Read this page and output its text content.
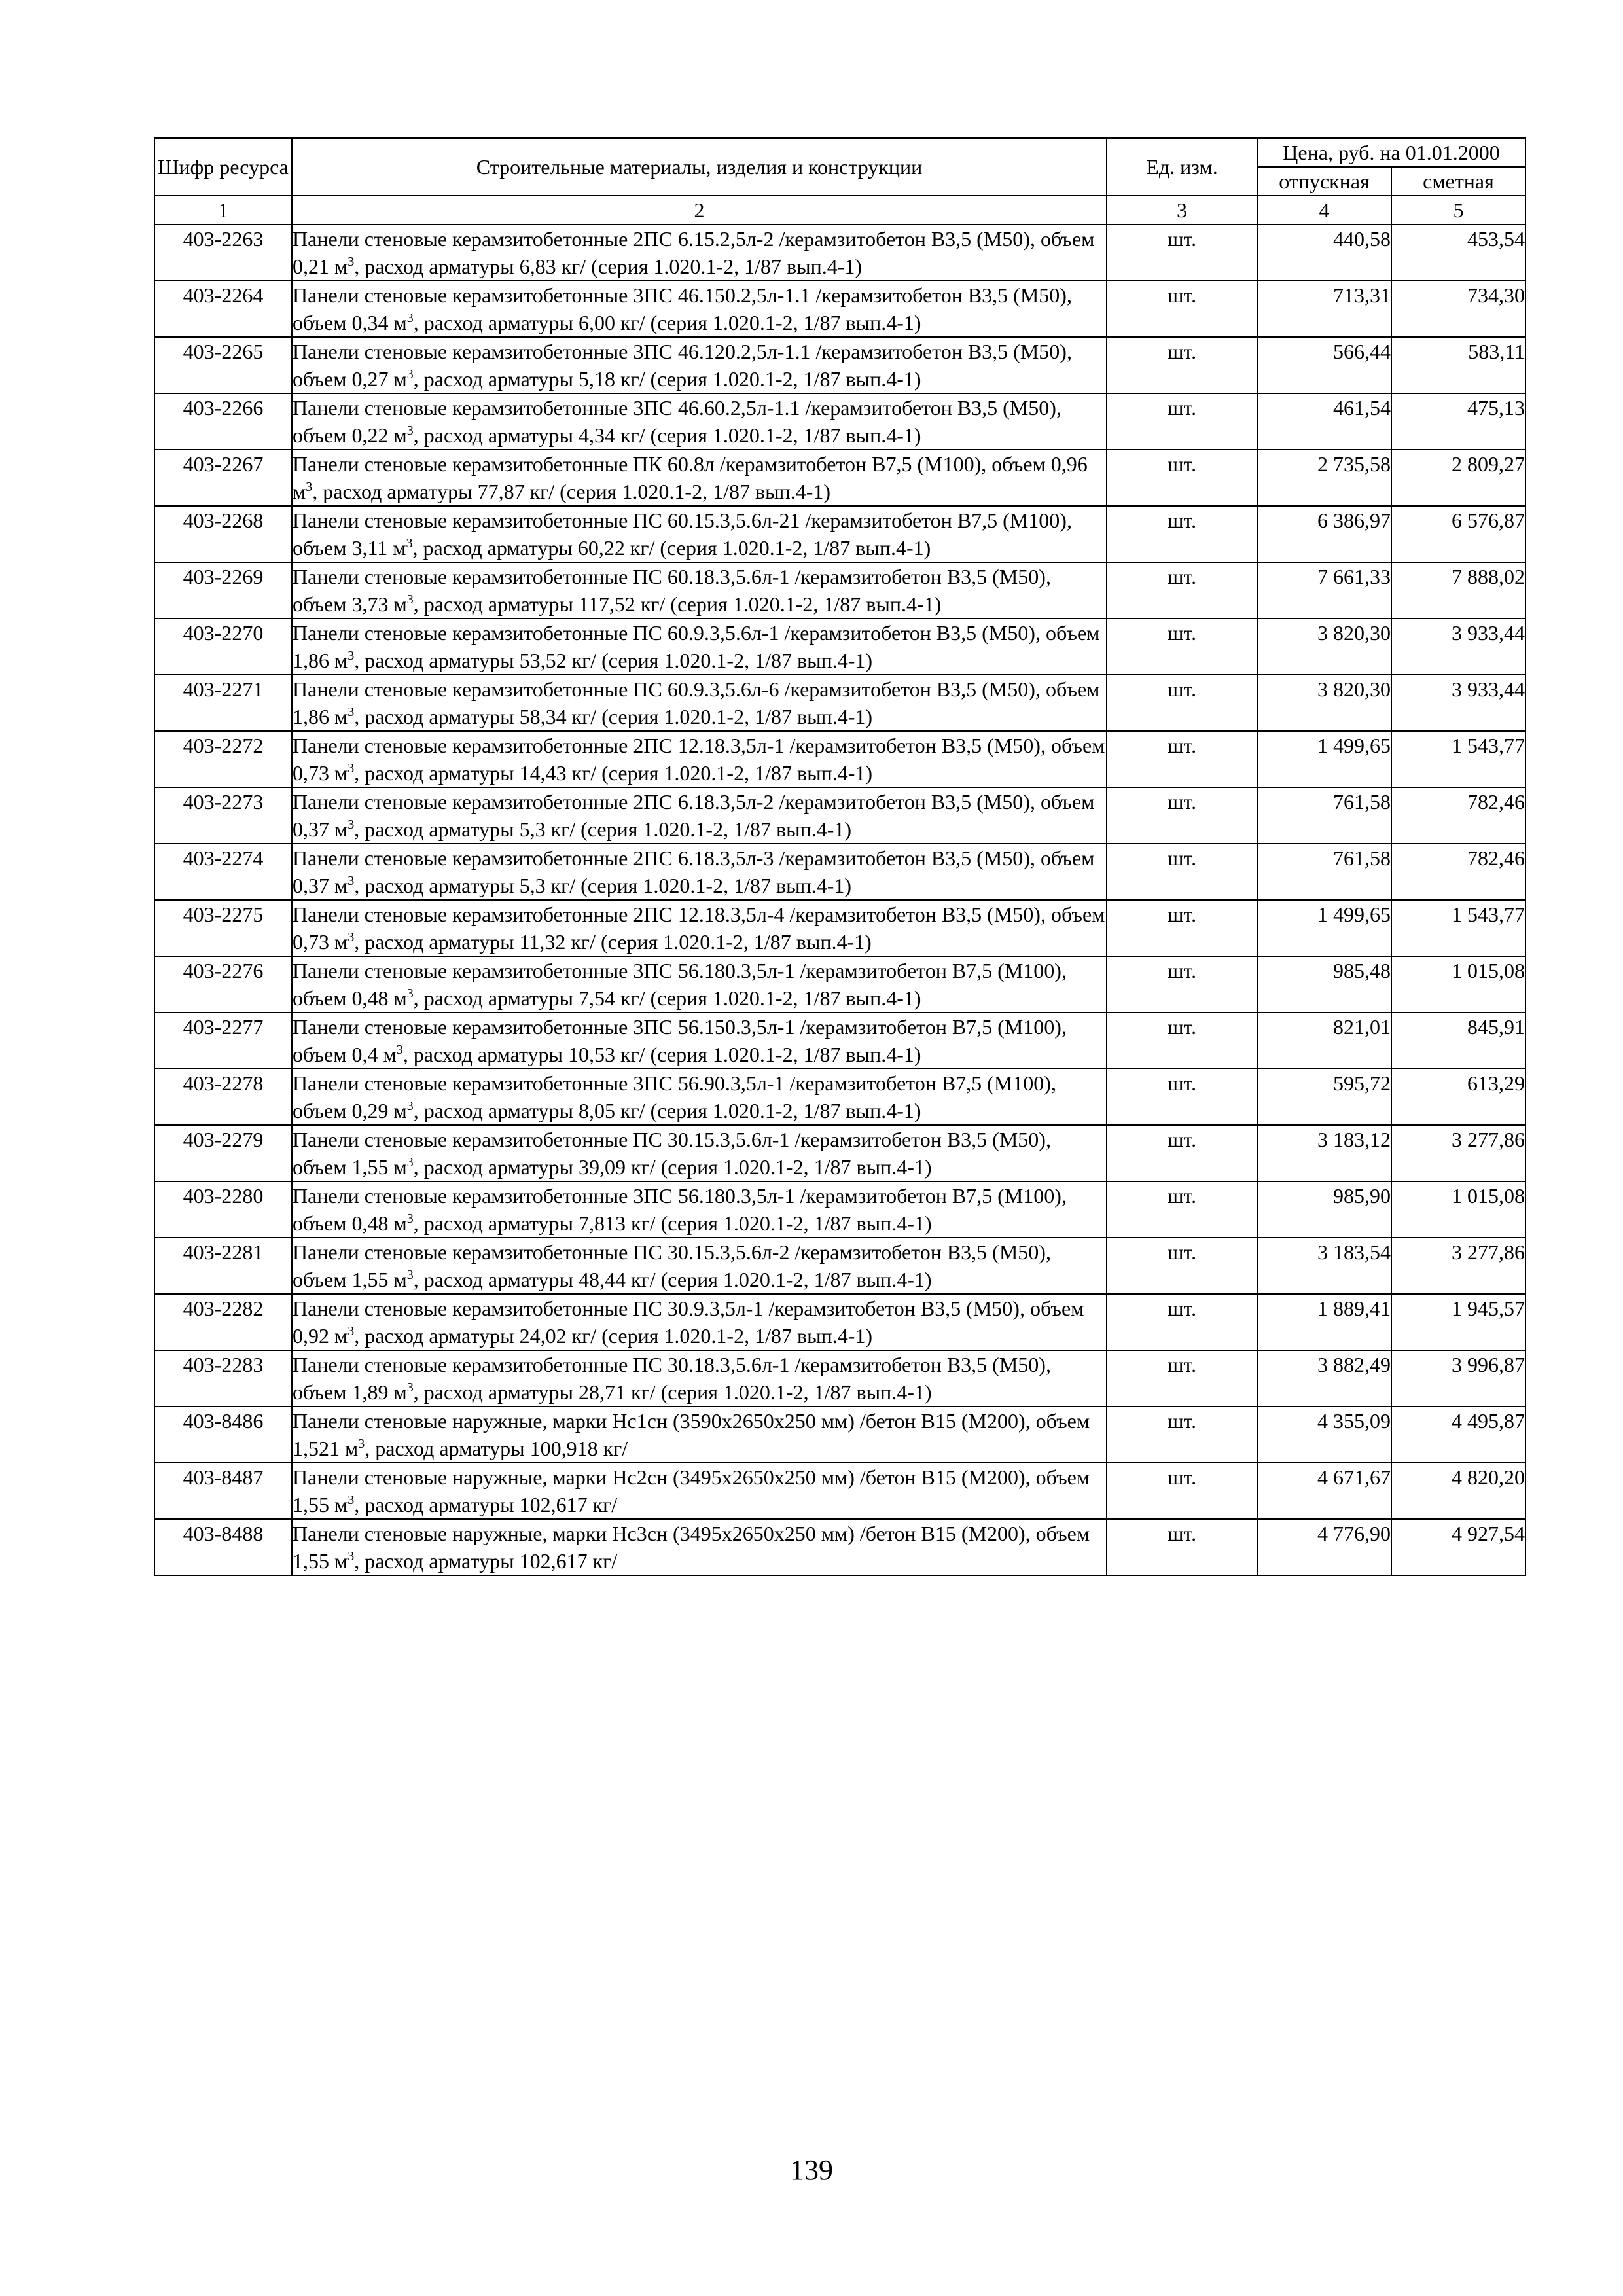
Шифр ресурса	Строительные материалы, изделия и конструкции	Ед. изм.	Цена, руб. на 01.01.2000	
			отпускная	сметная
1	2	3	4	5
403-2263	Панели стеновые керамзитобетонные 2ПС 6.15.2,5л-2 /керамзитобетон В3,5 (М50), объем 0,21 $м^3$, расход арматуры 6,83 кг/ (серия 1.020.1-2, 1/87 вып.4-1)	шт.	440,58	453,54
403-2264	Панели стеновые керамзитобетонные 3ПС 46.150.2,5л-1.1 /керамзитобетон В3,5 (М50), объем 0,34 $м^3$, расход арматуры 6,00 кг/ (серия 1.020.1-2, 1/87 вып.4-1)	шт.	713,31	734,30
403-2265	Панели стеновые керамзитобетонные 3ПС 46.120.2,5л-1.1 /керамзитобетон В3,5 (М50), объем 0,27 $м^3$, расход арматуры 5,18 кг/ (серия 1.020.1-2, 1/87 вып.4-1)	шт.	566,44	583,11
403-2266	Панели стеновые керамзитобетонные 3ПС 46.60.2,5л-1.1 /керамзитобетон В3,5 (М50), объем 0,22 $м^3$, расход арматуры 4,34 кг/ (серия 1.020.1-2, 1/87 вып.4-1)	шт.	461,54	475,13
403-2267	Панели стеновые керамзитобетонные ПК 60.8л /керамзитобетон В7,5 (М100), объем 0,96 $м^3$, расход арматуры 77,87 кг/ (серия 1.020.1-2, 1/87 вып.4-1)	шт.	2 735,58	2 809,27
403-2268	Панели стеновые керамзитобетонные ПС 60.15.3,5.6л-21 /керамзитобетон В7,5 (М100), объем 3,11 $м^3$, расход арматуры 60,22 кг/ (серия 1.020.1-2, 1/87 вып.4-1)	шт.	6 386,97	6 576,87
403-2269	Панели стеновые керамзитобетонные ПС 60.18.3,5.6л-1 /керамзитобетон В3,5 (М50), объем 3,73 $м^3$, расход арматуры 117,52 кг/ (серия 1.020.1-2, 1/87 вып.4-1)	шт.	7 661,33	7 888,02
403-2270	Панели стеновые керамзитобетонные ПС 60.9.3,5.6л-1 /керамзитобетон В3,5 (М50), объем 1,86 $м^3$, расход арматуры 53,52 кг/ (серия 1.020.1-2, 1/87 вып.4-1)	шт.	3 820,30	3 933,44
403-2271	Панели стеновые керамзитобетонные ПС 60.9.3,5.6л-6 /керамзитобетон В3,5 (М50), объем 1,86 $м^3$, расход арматуры 58,34 кг/ (серия 1.020.1-2, 1/87 вып.4-1)	шт.	3 820,30	3 933,44
403-2272	Панели стеновые керамзитобетонные 2ПС 12.18.3,5л-1 /керамзитобетон В3,5 (М50), объем 0,73 $м^3$, расход арматуры 14,43 кг/ (серия 1.020.1-2, 1/87 вып.4-1)	шт.	1 499,65	1 543,77
403-2273	Панели стеновые керамзитобетонные 2ПС 6.18.3,5л-2 /керамзитобетон В3,5 (М50), объем 0,37 $м^3$, расход арматуры 5,3 кг/ (серия 1.020.1-2, 1/87 вып.4-1)	шт.	761,58	782,46
403-2274	Панели стеновые керамзитобетонные 2ПС 6.18.3,5л-3 /керамзитобетон В3,5 (М50), объем 0,37 $м^3$, расход арматуры 5,3 кг/ (серия 1.020.1-2, 1/87 вып.4-1)	шт.	761,58	782,46
403-2275	Панели стеновые керамзитобетонные 2ПС 12.18.3,5л-4 /керамзитобетон В3,5 (М50), объем 0,73 $м^3$, расход арматуры 11,32 кг/ (серия 1.020.1-2, 1/87 вып.4-1)	шт.	1 499,65	1 543,77
403-2276	Панели стеновые керамзитобетонные 3ПС 56.180.3,5л-1 /керамзитобетон В7,5 (М100), объем 0,48 $м^3$, расход арматуры 7,54 кг/ (серия 1.020.1-2, 1/87 вып.4-1)	шт.	985,48	1 015,08
403-2277	Панели стеновые керамзитобетонные 3ПС 56.150.3,5л-1 /керамзитобетон В7,5 (М100), объем 0,4 $м^3$, расход арматуры 10,53 кг/ (серия 1.020.1-2, 1/87 вып.4-1)	шт.	821,01	845,91
403-2278	Панели стеновые керамзитобетонные 3ПС 56.90.3,5л-1 /керамзитобетон В7,5 (М100), объем 0,29 $м^3$, расход арматуры 8,05 кг/ (серия 1.020.1-2, 1/87 вып.4-1)	шт.	595,72	613,29
403-2279	Панели стеновые керамзитобетонные ПС 30.15.3,5.6л-1 /керамзитобетон В3,5 (М50), объем 1,55 $м^3$, расход арматуры 39,09 кг/ (серия 1.020.1-2, 1/87 вып.4-1)	шт.	3 183,12	3 277,86
403-2280	Панели стеновые керамзитобетонные 3ПС 56.180.3,5л-1 /керамзитобетон В7,5 (М100), объем 0,48 $м^3$, расход арматуры 7,813 кг/ (серия 1.020.1-2, 1/87 вып.4-1)	шт.	985,90	1 015,08
403-2281	Панели стеновые керамзитобетонные ПС 30.15.3,5.6л-2 /керамзитобетон В3,5 (М50), объем 1,55 $м^3$, расход арматуры 48,44 кг/ (серия 1.020.1-2, 1/87 вып.4-1)	шт.	3 183,54	3 277,86
403-2282	Панели стеновые керамзитобетонные ПС 30.9.3,5л-1 /керамзитобетон В3,5 (М50), объем 0,92 $м^3$, расход арматуры 24,02 кг/ (серия 1.020.1-2, 1/87 вып.4-1)	шт.	1 889,41	1 945,57
403-2283	Панели стеновые керамзитобетонные ПС 30.18.3,5.6л-1 /керамзитобетон В3,5 (М50), объем 1,89 $м^3$, расход арматуры 28,71 кг/ (серия 1.020.1-2, 1/87 вып.4-1)	шт.	3 882,49	3 996,87
403-8486	Панели стеновые наружные, марки Нс1сн (3590х2650х250 мм) /бетон В15 (М200), объем 1,521 $м^3$, расход арматуры 100,918 кг/	шт.	4 355,09	4 495,87
403-8487	Панели стеновые наружные, марки Нс2сн (3495х2650х250 мм) /бетон В15 (М200), объем 1,55 $м^3$, расход арматуры 102,617 кг/	шт.	4 671,67	4 820,20
403-8488	Панели стеновые наружные, марки Нс3сн (3495х2650х250 мм) /бетон В15 (М200), объем 1,55 $м^3$, расход арматуры 102,617 кг/	шт.	4 776,90	4 927,54
139
